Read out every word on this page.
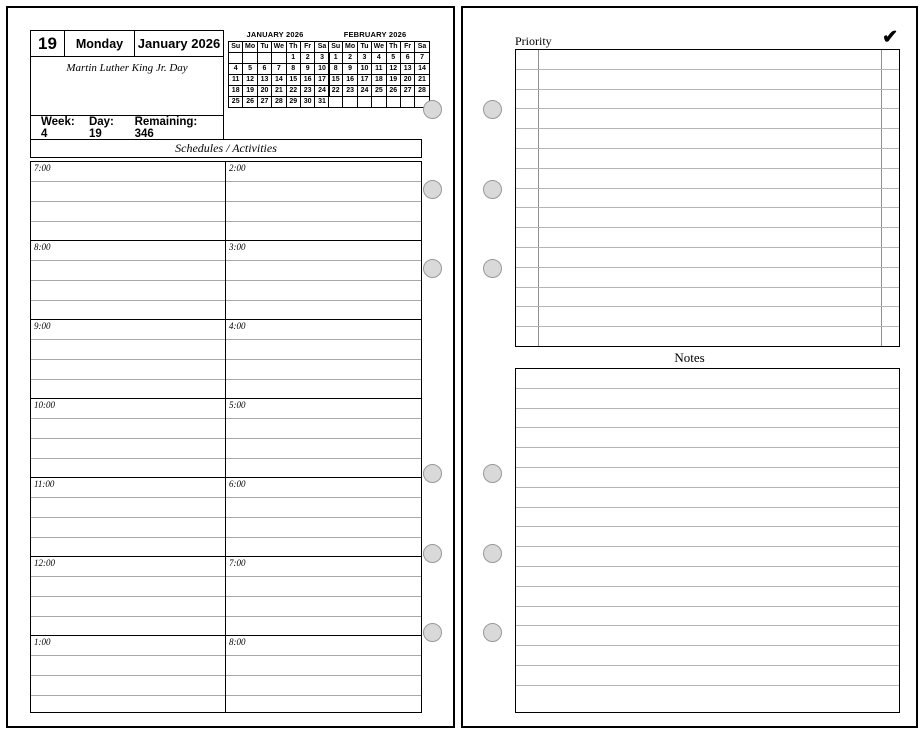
19	Monday	January 2026
Martin Luther King Jr. Day
Week: 4
Day: 19
Remaining: 346
JANUARY 2026
Su	Mo	Tu	We	Th	Fr	Sa
				1	2	3
4	5	6	7	8	9	10
11	12	13	14	15	16	17
18	19	20	21	22	23	24
25	26	27	28	29	30	31
FEBRUARY 2026
Su	Mo	Tu	We	Th	Fr	Sa
1	2	3	4	5	6	7
8	9	10	11	12	13	14
15	16	17	18	19	20	21
22	23	24	25	26	27	28

Schedules / Activities
7:00
8:00
9:00
10:00
11:00
12:00
1:00
2:00
3:00
4:00
5:00
6:00
7:00
8:00
Priority	✔
Notes
